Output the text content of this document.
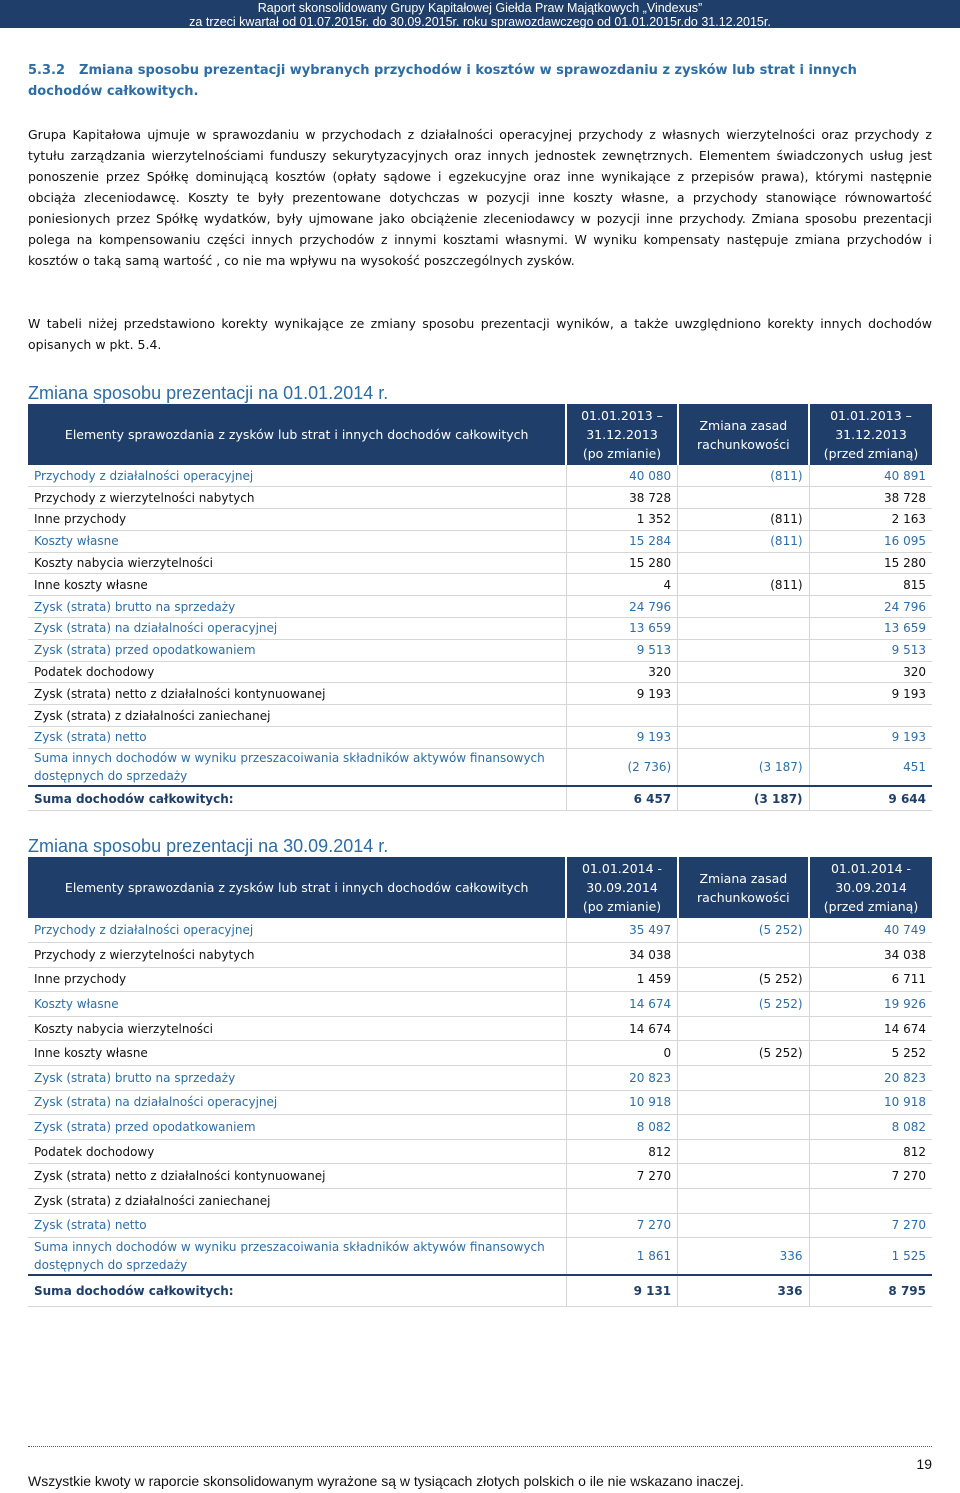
Raport skonsolidowany Grupy Kapitałowej Giełda Praw Majątkowych „Vindexus”
za trzeci kwartał od 01.07.2015r. do 30.09.2015r. roku sprawozdawczego od 01.01.2015r.do 31.12.2015r.
5.3.2 Zmiana sposobu prezentacji wybranych przychodów i kosztów w sprawozdaniu z zysków lub strat i innych dochodów całkowitych.

Grupa Kapitałowa ujmuje w sprawozdaniu w przychodach z działalności operacyjnej przychody z własnych wierzytelności oraz przychody z tytułu zarządzania wierzytelnościami funduszy sekurytyzacyjnych oraz innych jednostek zewnętrznych. Elementem świadczonych usług jest ponoszenie przez Spółkę dominującą kosztów (opłaty sądowe i egzekucyjne oraz inne wynikające z przepisów prawa), którymi następnie obciąża zleceniodawcę. Koszty te były prezentowane dotychczas w pozycji inne koszty własne, a przychody stanowiące równowartość poniesionych przez Spółkę wydatków, były ujmowane jako obciążenie zleceniodawcy w pozycji inne przychody. Zmiana sposobu prezentacji polega na kompensowaniu części innych przychodów z innymi kosztami własnymi. W wyniku kompensaty następuje zmiana przychodów i kosztów o taką samą wartość , co nie ma wpływu na wysokość poszczególnych zysków.

W tabeli niżej przedstawiono korekty wynikające ze zmiany sposobu prezentacji wyników, a także uwzględniono korekty innych dochodów opisanych w pkt. 5.4.

Zmiana sposobu prezentacji na 01.01.2014 r.
Elementy sprawozdania z zysków lub strat i innych dochodów całkowitych	01.01.2013 –
31.12.2013
(po zmianie)	Zmiana zasad
rachunkowości	01.01.2013 –
31.12.2013
(przed zmianą)
Przychody z działalności operacyjnej	40 080	(811)	40 891
Przychody z wierzytelności nabytych	38 728		38 728
Inne przychody	1 352	(811)	2 163
Koszty własne	15 284	(811)	16 095
Koszty nabycia wierzytelności	15 280		15 280
Inne koszty własne	4	(811)	815
Zysk (strata) brutto na sprzedaży	24 796		24 796
Zysk (strata) na działalności operacyjnej	13 659		13 659
Zysk (strata) przed opodatkowaniem	9 513		9 513
Podatek dochodowy	320		320
Zysk (strata) netto z działalności kontynuowanej	9 193		9 193
Zysk (strata) z działalności zaniechanej			
Zysk (strata) netto	9 193		9 193
Suma innych dochodów w wyniku przeszacoiwania składników aktywów finansowych dostępnych do sprzedaży	(2 736)	(3 187)	451
Suma dochodów całkowitych:	6 457	(3 187)	9 644
Zmiana sposobu prezentacji na 30.09.2014 r.
Elementy sprawozdania z zysków lub strat i innych dochodów całkowitych	01.01.2014 -
30.09.2014
(po zmianie)	Zmiana zasad
rachunkowości	01.01.2014 -
30.09.2014
(przed zmianą)
Przychody z działalności operacyjnej	35 497	(5 252)	40 749
Przychody z wierzytelności nabytych	34 038		34 038
Inne przychody	1 459	(5 252)	6 711
Koszty własne	14 674	(5 252)	19 926
Koszty nabycia wierzytelności	14 674		14 674
Inne koszty własne	0	(5 252)	5 252
Zysk (strata) brutto na sprzedaży	20 823		20 823
Zysk (strata) na działalności operacyjnej	10 918		10 918
Zysk (strata) przed opodatkowaniem	8 082		8 082
Podatek dochodowy	812		812
Zysk (strata) netto z działalności kontynuowanej	7 270		7 270
Zysk (strata) z działalności zaniechanej			
Zysk (strata) netto	7 270		7 270
Suma innych dochodów w wyniku przeszacoiwania składników aktywów finansowych dostępnych do sprzedaży	1 861	336	1 525
Suma dochodów całkowitych:	9 131	336	8 795
19
Wszystkie kwoty w raporcie skonsolidowanym wyrażone są w tysiącach złotych polskich o ile nie wskazano inaczej.
